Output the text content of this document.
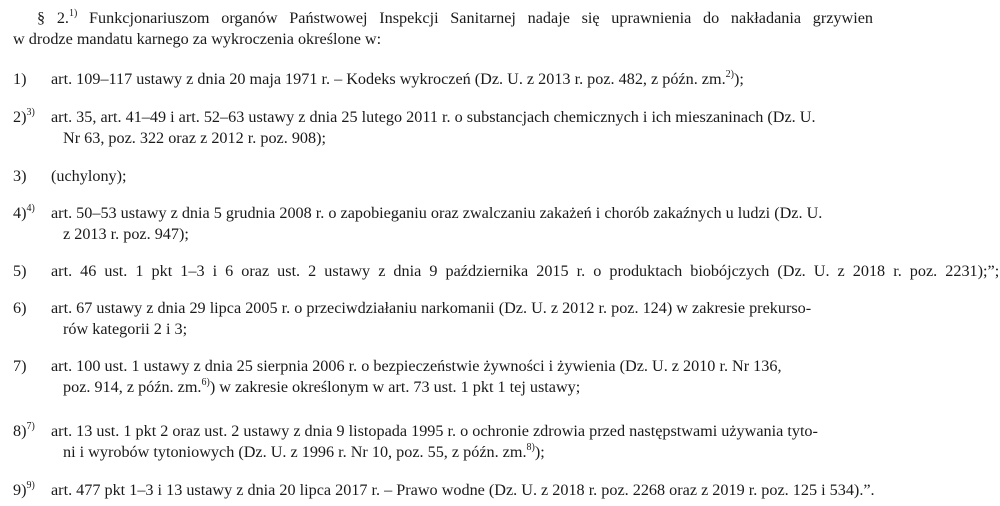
§ 2.$^{1)}$ Funkcjonariuszom organów Państwowej Inspekcji Sanitarnej nadaje się uprawnienia do nakładania grzywien
w drodze mandatu karnego za wykroczenia określone w:
1) art. 109–117 ustawy z dnia 20 maja 1971 r. – Kodeks wykroczeń (Dz. U. z 2013 r. poz. 482, z późn. zm.$^{2)}$);
2)$^{3)}$ art. 35, art. 41–49 i art. 52–63 ustawy z dnia 25 lutego 2011 r. o substancjach chemicznych i ich mieszaninach (Dz. U.
Nr 63, poz. 322 oraz z 2012 r. poz. 908);
3) (uchylony);
4)$^{4)}$ art. 50–53 ustawy z dnia 5 grudnia 2008 r. o zapobieganiu oraz zwalczaniu zakażeń i chorób zakaźnych u ludzi (Dz. U.
z 2013 r. poz. 947);
5) art. 46 ust. 1 pkt 1–3 i 6 oraz ust. 2 ustawy z dnia 9 października 2015 r. o produktach biobójczych (Dz. U. z 2018 r. poz. 2231);”;
6) art. 67 ustawy z dnia 29 lipca 2005 r. o przeciwdziałaniu narkomanii (Dz. U. z 2012 r. poz. 124) w zakresie prekurso-
rów kategorii 2 i 3;
7) art. 100 ust. 1 ustawy z dnia 25 sierpnia 2006 r. o bezpieczeństwie żywności i żywienia (Dz. U. z 2010 r. Nr 136,
poz. 914, z późn. zm.$^{6)}$) w zakresie określonym w art. 73 ust. 1 pkt 1 tej ustawy;
8)$^{7)}$ art. 13 ust. 1 pkt 2 oraz ust. 2 ustawy z dnia 9 listopada 1995 r. o ochronie zdrowia przed następstwami używania tyto-
ni i wyrobów tytoniowych (Dz. U. z 1996 r. Nr 10, poz. 55, z późn. zm.$^{8)}$);
9)$^{9)}$ art. 477 pkt 1–3 i 13 ustawy z dnia 20 lipca 2017 r. – Prawo wodne (Dz. U. z 2018 r. poz. 2268 oraz z 2019 r. poz. 125 i 534).”.
